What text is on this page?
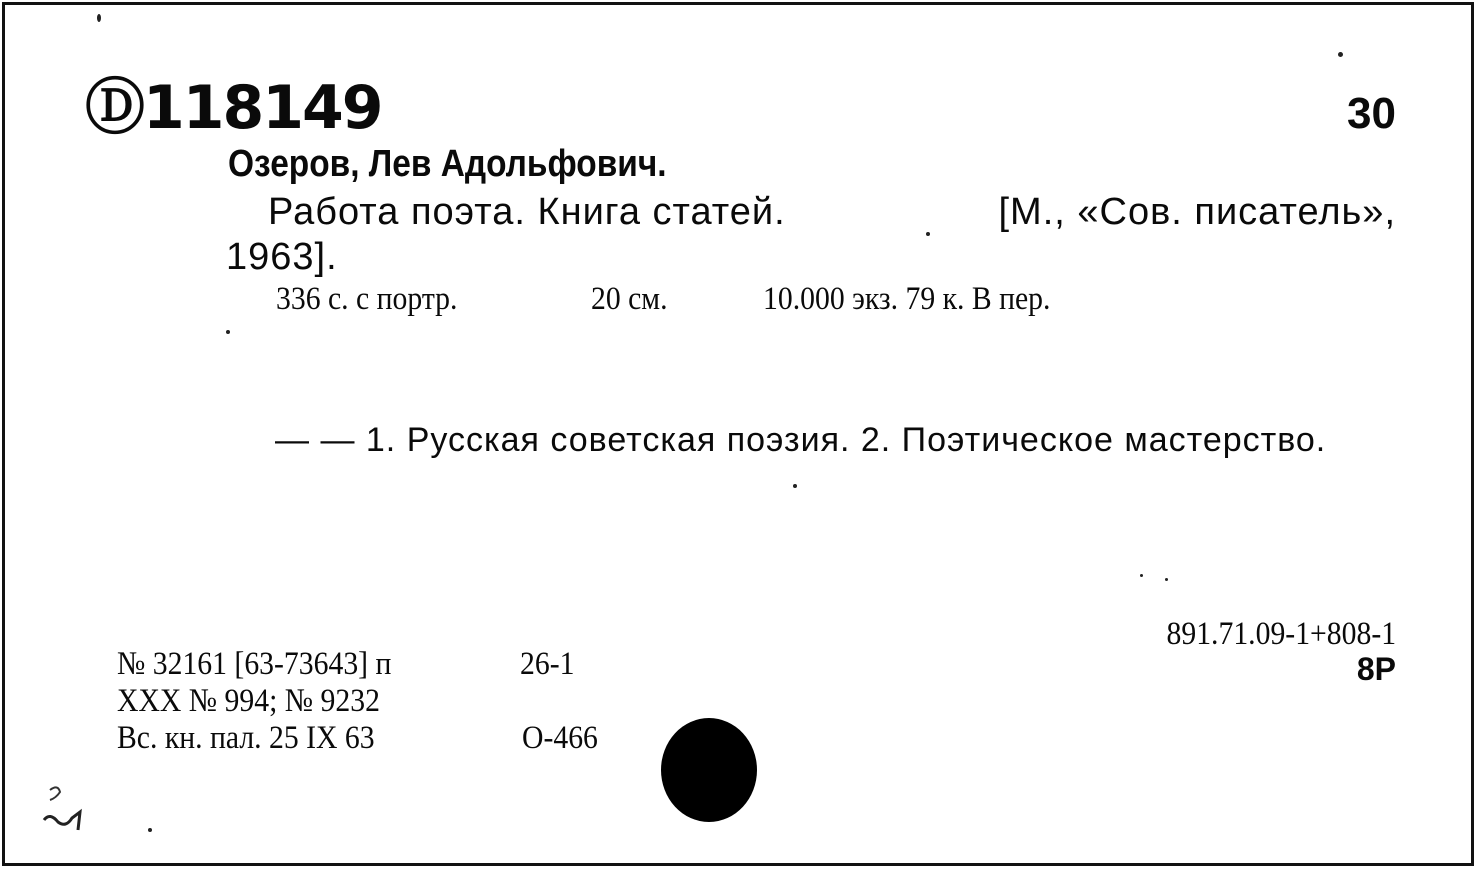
Ⓓ118149	30
Озеров, Лев Адольфович.
Работа поэта. Книга статей.	[М., «Сов. писатель»,
1963].
336 с. с портр.	20 см.	10.000 экз. 79 к. В пер.
— — 1. Русская советская поэзия. 2. Поэтическое мастерство.
891.71.09-1+808-1
8Р
№ 32161 [63-73643] п	26-1
XXX № 994; № 9232
Вс. кн. пал. 25 IX 63	О-466
